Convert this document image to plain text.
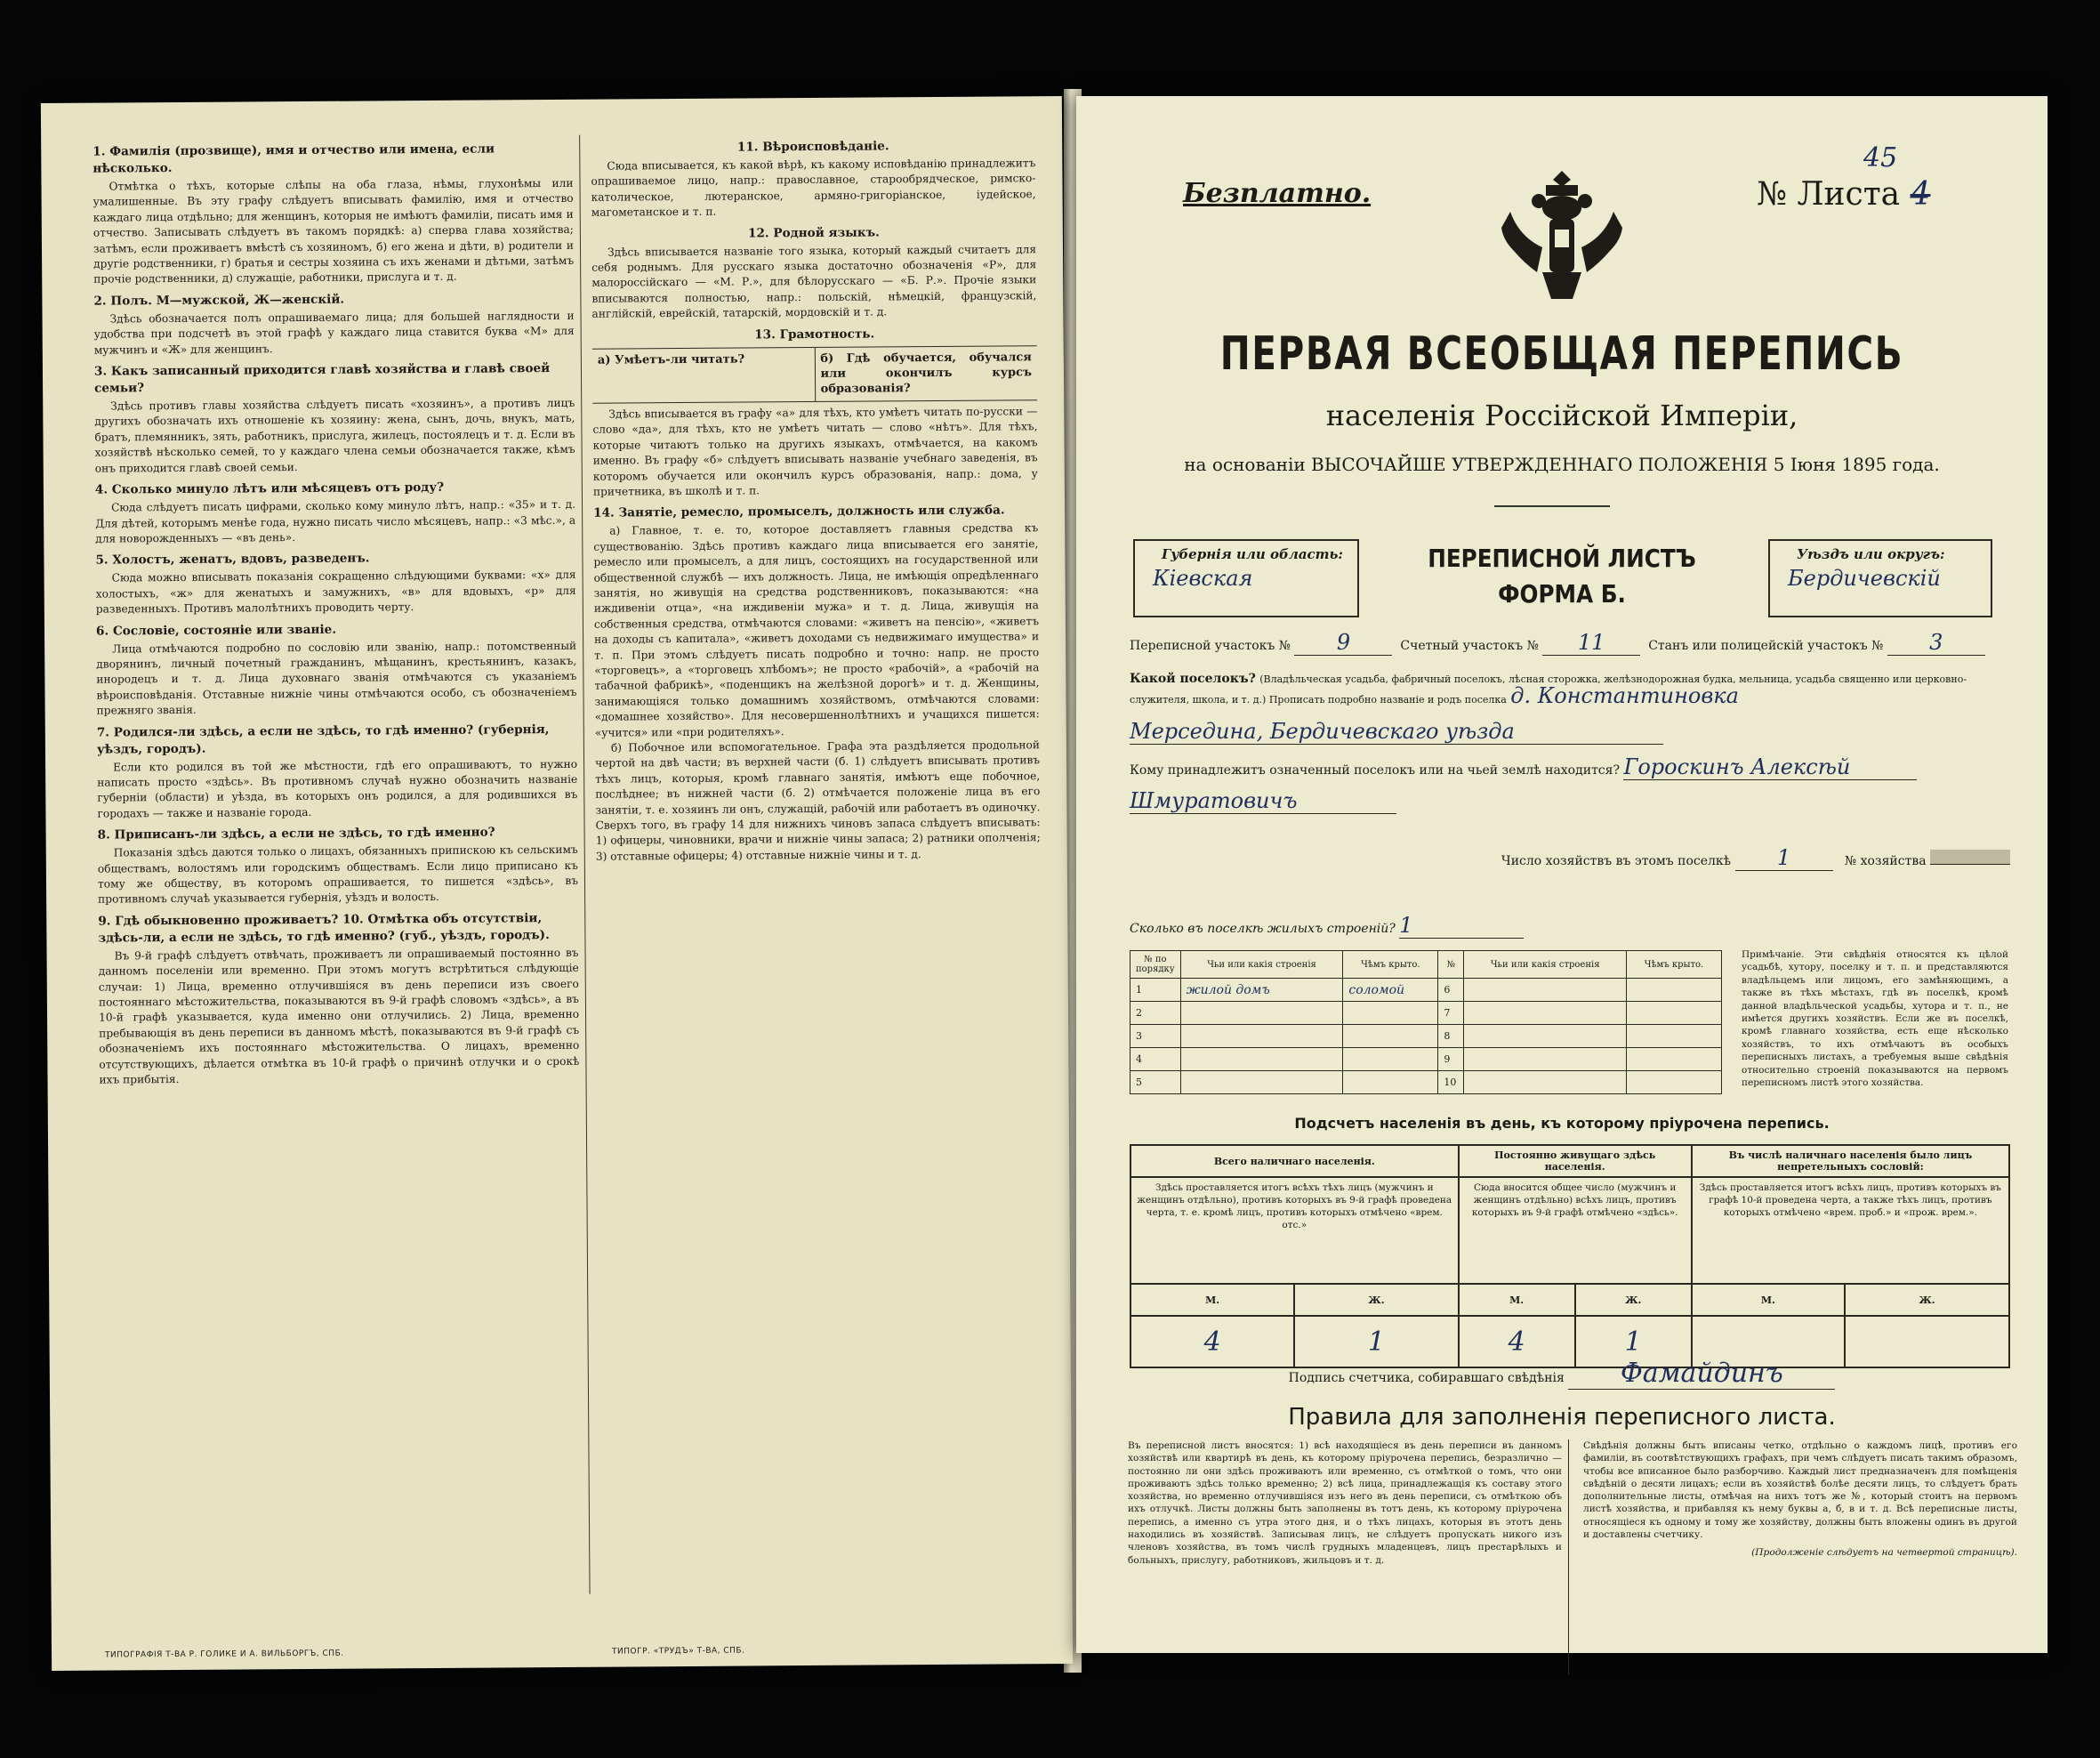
1. Фамилія (прозвище), имя и отчество или имена, если нѣсколько.

Отмѣтка о тѣхъ, которые слѣпы на оба глаза, нѣмы, глухонѣмы или умалишенные. Въ эту графу слѣдуетъ вписывать фамилію, имя и отчество каждаго лица отдѣльно; для женщинъ, которыя не имѣютъ фамиліи, писать имя и отчество. Записывать слѣдуетъ въ такомъ порядкѣ: а) сперва глава хозяйства; затѣмъ, если проживаетъ вмѣстѣ съ хозяиномъ, б) его жена и дѣти, в) родители и другіе родственники, г) братья и сестры хозяина съ ихъ женами и дѣтьми, затѣмъ прочіе родственники, д) служащіе, работники, прислуга и т. д.

2. Полъ. М—мужской, Ж—женскій.

Здѣсь обозначается полъ опрашиваемаго лица; для большей наглядности и удобства при подсчетѣ въ этой графѣ у каждаго лица ставится буква «М» для мужчинъ и «Ж» для женщинъ.

3. Какъ записанный приходится главѣ хозяйства и главѣ своей семьи?

Здѣсь противъ главы хозяйства слѣдуетъ писать «хозяинъ», а противъ лицъ другихъ обозначать ихъ отношеніе къ хозяину: жена, сынъ, дочь, внукъ, мать, братъ, племянникъ, зять, работникъ, прислуга, жилецъ, постоялецъ и т. д. Если въ хозяйствѣ нѣсколько семей, то у каждаго члена семьи обозначается также, кѣмъ онъ приходится главѣ своей семьи.

4. Сколько минуло лѣтъ или мѣсяцевъ отъ роду?

Сюда слѣдуетъ писать цифрами, сколько кому минуло лѣтъ, напр.: «35» и т. д. Для дѣтей, которымъ менѣе года, нужно писать число мѣсяцевъ, напр.: «3 мѣс.», а для новорожденныхъ — «въ день».

5. Холостъ, женатъ, вдовъ, разведенъ.

Сюда можно вписывать показанія сокращенно слѣдующими буквами: «х» для холостыхъ, «ж» для женатыхъ и замужнихъ, «в» для вдовыхъ, «р» для разведенныхъ. Противъ малолѣтнихъ проводить черту.

6. Сословіе, состояніе или званіе.

Лица отмѣчаются подробно по сословію или званію, напр.: потомственный дворянинъ, личный почетный гражданинъ, мѣщанинъ, крестьянинъ, казакъ, инородецъ и т. д. Лица духовнаго званія отмѣчаются съ указаніемъ вѣроисповѣданія. Отставные нижніе чины отмѣчаются особо, съ обозначеніемъ прежняго званія.

7. Родился-ли здѣсь, а если не здѣсь, то гдѣ именно? (губернія, уѣздъ, городъ).

Если кто родился въ той же мѣстности, гдѣ его опрашиваютъ, то нужно написать просто «здѣсь». Въ противномъ случаѣ нужно обозначить названіе губерніи (области) и уѣзда, въ которыхъ онъ родился, а для родившихся въ городахъ — также и названіе города.

8. Приписанъ-ли здѣсь, а если не здѣсь, то гдѣ именно?

Показанія здѣсь даются только о лицахъ, обязанныхъ припискою къ сельскимъ обществамъ, волостямъ или городскимъ обществамъ. Если лицо приписано къ тому же обществу, въ которомъ опрашивается, то пишется «здѣсь», въ противномъ случаѣ указывается губернія, уѣздъ и волость.

9. Гдѣ обыкновенно проживаетъ? 10. Отмѣтка объ отсутствіи, здѣсь-ли, а если не здѣсь, то гдѣ именно? (губ., уѣздъ, городъ).

Въ 9-й графѣ слѣдуетъ отвѣчать, проживаетъ ли опрашиваемый постоянно въ данномъ поселеніи или временно. При этомъ могутъ встрѣтиться слѣдующіе случаи: 1) Лица, временно отлучившіяся въ день переписи изъ своего постояннаго мѣстожительства, показываются въ 9-й графѣ словомъ «здѣсь», а въ 10-й графѣ указывается, куда именно они отлучились. 2) Лица, временно пребывающія въ день переписи въ данномъ мѣстѣ, показываются въ 9-й графѣ съ обозначеніемъ ихъ постояннаго мѣстожительства. О лицахъ, временно отсутствующихъ, дѣлается отмѣтка въ 10-й графѣ о причинѣ отлучки и о срокѣ ихъ прибытія.

11. Вѣроисповѣданіе.

Сюда вписывается, къ какой вѣрѣ, къ какому исповѣданію принадлежитъ опрашиваемое лицо, напр.: православное, старообрядческое, римско-католическое, лютеранское, армяно-григоріанское, іудейское, магометанское и т. п.

12. Родной языкъ.

Здѣсь вписывается названіе того языка, который каждый считаетъ для себя роднымъ. Для русскаго языка достаточно обозначенія «Р», для малороссійскаго — «М. Р.», для бѣлорусскаго — «Б. Р.». Прочіе языки вписываются полностью, напр.: польскій, нѣмецкій, французскій, англійскій, еврейскій, татарскій, мордовскій и т. д.

13. Грамотность.
а) Умѣетъ-ли читать?	б) Гдѣ обучается, обучался или окончилъ курсъ образованія?

Здѣсь вписывается въ графу «а» для тѣхъ, кто умѣетъ читать по-русски — слово «да», для тѣхъ, кто не умѣетъ читать — слово «нѣтъ». Для тѣхъ, которые читаютъ только на другихъ языкахъ, отмѣчается, на какомъ именно. Въ графу «б» слѣдуетъ вписывать названіе учебнаго заведенія, въ которомъ обучается или окончилъ курсъ образованія, напр.: дома, у причетника, въ школѣ и т. п.

14. Занятіе, ремесло, промыселъ, должность или служба.

а) Главное, т. е. то, которое доставляетъ главныя средства къ существованію. Здѣсь противъ каждаго лица вписывается его занятіе, ремесло или промыселъ, а для лицъ, состоящихъ на государственной или общественной службѣ — ихъ должность. Лица, не имѣющія опредѣленнаго занятія, но живущія на средства родственниковъ, показываются: «на иждивеніи отца», «на иждивеніи мужа» и т. д. Лица, живущія на собственныя средства, отмѣчаются словами: «живетъ на пенсію», «живетъ на доходы съ капитала», «живетъ доходами съ недвижимаго имущества» и т. п. При этомъ слѣдуетъ писать подробно и точно: напр. не просто «торговецъ», а «торговецъ хлѣбомъ»; не просто «рабочій», а «рабочій на табачной фабрикѣ», «поденщикъ на желѣзной дорогѣ» и т. д. Женщины, занимающіяся только домашнимъ хозяйствомъ, отмѣчаются словами: «домашнее хозяйство». Для несовершеннолѣтнихъ и учащихся пишется: «учится» или «при родителяхъ».

б) Побочное или вспомогательное. Графа эта раздѣляется продольной чертой на двѣ части; въ верхней части (б. 1) слѣдуетъ вписывать противъ тѣхъ лицъ, которыя, кромѣ главнаго занятія, имѣютъ еще побочное, послѣднее; въ нижней части (б. 2) отмѣчается положеніе лица въ его занятіи, т. е. хозяинъ ли онъ, служащій, рабочій или работаетъ въ одиночку. Сверхъ того, въ графу 14 для нижнихъ чиновъ запаса слѣдуетъ вписывать: 1) офицеры, чиновники, врачи и нижніе чины запаса; 2) ратники ополченія; 3) отставные офицеры; 4) отставные нижніе чины и т. д.

ТИПОГРАФІЯ Т-ВА Р. ГОЛИКЕ И А. ВИЛЬБОРГЪ, СПБ.	ТИПОГР. «ТРУДЪ» Т-ВА, СПБ.
Безплатно.	№ Листа 4
45
ПЕРВАЯ ВСЕОБЩАЯ ПЕРЕПИСЬ
населенія Россійской Имперіи,
на основаніи ВЫСОЧАЙШЕ УТВЕРЖДЕННАГО ПОЛОЖЕНІЯ 5 Іюня 1895 года.
Губернія или область:
Кіевская
ПЕРЕПИСНОЙ ЛИСТЪ
ФОРМА Б.
Уѣздъ или округъ:
Бердичевскій
Переписной участокъ № 9	Счетный участокъ № 11	Станъ или полицейскій участокъ № 3
Какой поселокъ? (Владѣльческая усадьба, фабричный поселокъ, лѣсная сторожка, желѣзнодорожная будка, мельница, усадьба священно или церковно-служителя, школа, и т. д.) Прописать подробно названіе и родъ поселка д. Константиновка
Мерседина, Бердичевскаго уѣзда
Кому принадлежитъ означенный поселокъ или на чьей землѣ находится? Гороскинъ Алексѣй
Шмуратовичъ
Число хозяйствъ въ этомъ поселкѣ 1	№ хозяйства
Сколько въ поселкѣ жилыхъ строеній? 1
№ по порядку	Чьи или какія строенія	Чѣмъ крыто.	№	Чьи или какія строенія	Чѣмъ крыто.
1	жилой домъ	соломой	6		
2			7		
3			8		
4			9		
5			10		
Примѣчаніе. Эти свѣдѣнія относятся къ цѣлой усадьбѣ, хутору, поселку и т. п. и представляются владѣльцемъ или лицомъ, его замѣняющимъ, а также въ тѣхъ мѣстахъ, гдѣ въ поселкѣ, кромѣ данной владѣльческой усадьбы, хутора и т. п., не имѣется другихъ хозяйствъ. Если же въ поселкѣ, кромѣ главнаго хозяйства, есть еще нѣсколько хозяйствъ, то ихъ отмѣчаютъ въ особыхъ переписныхъ листахъ, а требуемыя выше свѣдѣнія относительно строеній показываются на первомъ переписномъ листѣ этого хозяйства.
Подсчетъ населенія въ день, къ которому пріурочена перепись.
Всего наличнаго населенія.		Постоянно живущаго здѣсь населенія.		Въ числѣ наличнаго населенія было лицъ непретельныхъ сословій:	
Здѣсь проставляется итогъ всѣхъ тѣхъ лицъ (мужчинъ и женщинъ отдѣльно), противъ которыхъ въ 9-й графѣ проведена черта, т. е. кромѣ лицъ, противъ которыхъ отмѣчено «врем. отс.»		Сюда вносится общее число (мужчинъ и женщинъ отдѣльно) всѣхъ лицъ, противъ которыхъ въ 9-й графѣ отмѣчено «здѣсь».		Здѣсь проставляется итогъ всѣхъ лицъ, противъ которыхъ въ графѣ 10-й проведена черта, а также тѣхъ лицъ, противъ которыхъ отмѣчено «врем. проб.» и «прож. врем.».	
М.	Ж.	М.	Ж.	М.	Ж.
4	1	4	1		
Подпись счетчика, собиравшаго свѣдѣнія Фамайдинъ
Правила для заполненія переписного листа.
Въ переписной листъ вносятся: 1) всѣ находящіеся въ день переписи въ данномъ хозяйствѣ или квартирѣ въ день, къ которому пріурочена перепись, безразлично — постоянно ли они здѣсь проживаютъ или временно, съ отмѣткой о томъ, что они проживаютъ здѣсь только временно; 2) всѣ лица, принадлежащія къ составу этого хозяйства, но временно отлучившіяся изъ него въ день переписи, съ отмѣткою объ ихъ отлучкѣ. Листы должны быть заполнены въ тотъ день, къ которому пріурочена перепись, а именно съ утра этого дня, и о тѣхъ лицахъ, которыя въ этотъ день находились въ хозяйствѣ. Записывая лицъ, не слѣдуетъ пропускать никого изъ членовъ хозяйства, въ томъ числѣ грудныхъ младенцевъ, лицъ престарѣлыхъ и больныхъ, прислугу, работниковъ, жильцовъ и т. д.
Свѣдѣнія должны быть вписаны четко, отдѣльно о каждомъ лицѣ, противъ его фамиліи, въ соотвѣтствующихъ графахъ, при чемъ слѣдуетъ писать такимъ образомъ, чтобы все вписанное было разборчиво. Каждый лист предназначенъ для помѣщенія свѣдѣній о десяти лицахъ; если въ хозяйствѣ болѣе десяти лицъ, то слѣдуетъ брать дополнительные листы, отмѣчая на нихъ тотъ же №, который стоитъ на первомъ листѣ хозяйства, и прибавляя къ нему буквы а, б, в и т. д. Всѣ переписные листы, относящіеся къ одному и тому же хозяйству, должны быть вложены одинъ въ другой и доставлены счетчику.
(Продолженіе слѣдуетъ на четвертой страницѣ).
